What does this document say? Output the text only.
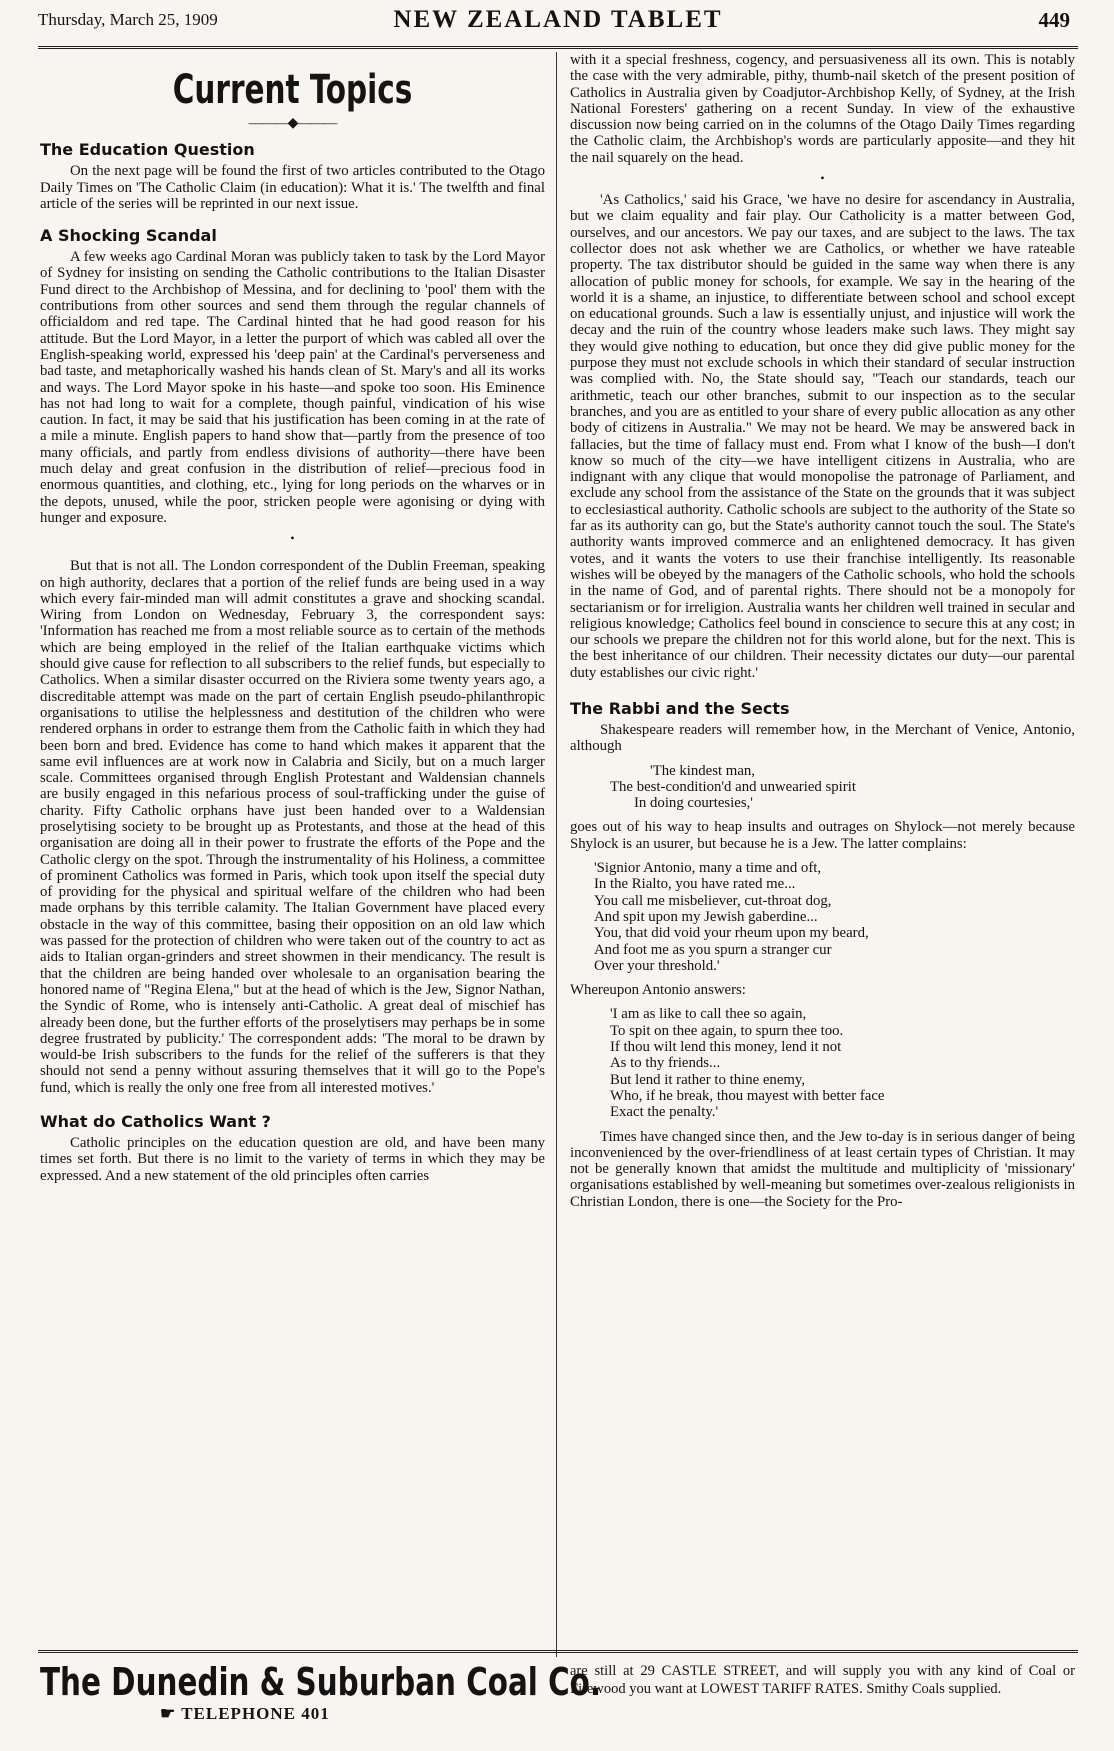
Thursday, March 25, 1909	NEW ZEALAND TABLET	449
Current Topics
———◆———
The Education Question

On the next page will be found the first of two articles contributed to the Otago Daily Times on 'The Catholic Claim (in education): What it is.' The twelfth and final article of the series will be reprinted in our next issue.

A Shocking Scandal

A few weeks ago Cardinal Moran was publicly taken to task by the Lord Mayor of Sydney for insisting on sending the Catholic contributions to the Italian Disaster Fund direct to the Archbishop of Messina, and for declining to 'pool' them with the contributions from other sources and send them through the regular channels of officialdom and red tape. The Cardinal hinted that he had good reason for his attitude. But the Lord Mayor, in a letter the purport of which was cabled all over the English-speaking world, expressed his 'deep pain' at the Cardinal's perverseness and bad taste, and metaphorically washed his hands clean of St. Mary's and all its works and ways. The Lord Mayor spoke in his haste—and spoke too soon. His Eminence has not had long to wait for a complete, though painful, vindication of his wise caution. In fact, it may be said that his justification has been coming in at the rate of a mile a minute. English papers to hand show that—partly from the presence of too many officials, and partly from endless divisions of authority—there have been much delay and great confusion in the distribution of relief—precious food in enormous quantities, and clothing, etc., lying for long periods on the wharves or in the depots, unused, while the poor, stricken people were agonising or dying with hunger and exposure.

•

But that is not all. The London correspondent of the Dublin Freeman, speaking on high authority, declares that a portion of the relief funds are being used in a way which every fair-minded man will admit constitutes a grave and shocking scandal. Wiring from London on Wednesday, February 3, the correspondent says: 'Information has reached me from a most reliable source as to certain of the methods which are being employed in the relief of the Italian earthquake victims which should give cause for reflection to all subscribers to the relief funds, but especially to Catholics. When a similar disaster occurred on the Riviera some twenty years ago, a discreditable attempt was made on the part of certain English pseudo-philanthropic organisations to utilise the helplessness and destitution of the children who were rendered orphans in order to estrange them from the Catholic faith in which they had been born and bred. Evidence has come to hand which makes it apparent that the same evil influences are at work now in Calabria and Sicily, but on a much larger scale. Committees organised through English Protestant and Waldensian channels are busily engaged in this nefarious process of soul-trafficking under the guise of charity. Fifty Catholic orphans have just been handed over to a Waldensian proselytising society to be brought up as Protestants, and those at the head of this organisation are doing all in their power to frustrate the efforts of the Pope and the Catholic clergy on the spot. Through the instrumentality of his Holiness, a committee of prominent Catholics was formed in Paris, which took upon itself the special duty of providing for the physical and spiritual welfare of the children who had been made orphans by this terrible calamity. The Italian Government have placed every obstacle in the way of this committee, basing their opposition on an old law which was passed for the protection of children who were taken out of the country to act as aids to Italian organ-grinders and street showmen in their mendicancy. The result is that the children are being handed over wholesale to an organisation bearing the honored name of "Regina Elena," but at the head of which is the Jew, Signor Nathan, the Syndic of Rome, who is intensely anti-Catholic. A great deal of mischief has already been done, but the further efforts of the proselytisers may perhaps be in some degree frustrated by publicity.' The correspondent adds: 'The moral to be drawn by would-be Irish subscribers to the funds for the relief of the sufferers is that they should not send a penny without assuring themselves that it will go to the Pope's fund, which is really the only one free from all interested motives.'

What do Catholics Want ?

Catholic principles on the education question are old, and have been many times set forth. But there is no limit to the variety of terms in which they may be expressed. And a new statement of the old principles often carries

with it a special freshness, cogency, and persuasiveness all its own. This is notably the case with the very admirable, pithy, thumb-nail sketch of the present position of Catholics in Australia given by Coadjutor-Archbishop Kelly, of Sydney, at the Irish National Foresters' gathering on a recent Sunday. In view of the exhaustive discussion now being carried on in the columns of the Otago Daily Times regarding the Catholic claim, the Archbishop's words are particularly apposite—and they hit the nail squarely on the head.

•

'As Catholics,' said his Grace, 'we have no desire for ascendancy in Australia, but we claim equality and fair play. Our Catholicity is a matter between God, ourselves, and our ancestors. We pay our taxes, and are subject to the laws. The tax collector does not ask whether we are Catholics, or whether we have rateable property. The tax distributor should be guided in the same way when there is any allocation of public money for schools, for example. We say in the hearing of the world it is a shame, an injustice, to differentiate between school and school except on educational grounds. Such a law is essentially unjust, and injustice will work the decay and the ruin of the country whose leaders make such laws. They might say they would give nothing to education, but once they did give public money for the purpose they must not exclude schools in which their standard of secular instruction was complied with. No, the State should say, "Teach our standards, teach our arithmetic, teach our other branches, submit to our inspection as to the secular branches, and you are as entitled to your share of every public allocation as any other body of citizens in Australia." We may not be heard. We may be answered back in fallacies, but the time of fallacy must end. From what I know of the bush—I don't know so much of the city—we have intelligent citizens in Australia, who are indignant with any clique that would monopolise the patronage of Parliament, and exclude any school from the assistance of the State on the grounds that it was subject to ecclesiastical authority. Catholic schools are subject to the authority of the State so far as its authority can go, but the State's authority cannot touch the soul. The State's authority wants improved commerce and an enlightened democracy. It has given votes, and it wants the voters to use their franchise intelligently. Its reasonable wishes will be obeyed by the managers of the Catholic schools, who hold the schools in the name of God, and of parental rights. There should not be a monopoly for sectarianism or for irreligion. Australia wants her children well trained in secular and religious knowledge; Catholics feel bound in conscience to secure this at any cost; in our schools we prepare the children not for this world alone, but for the next. This is the best inheritance of our children. Their necessity dictates our duty—our parental duty establishes our civic right.'

The Rabbi and the Sects

Shakespeare readers will remember how, in the Merchant of Venice, Antonio, although

'The kindest man,
The best-condition'd and unwearied spirit
In doing courtesies,'

goes out of his way to heap insults and outrages on Shylock—not merely because Shylock is an usurer, but because he is a Jew. The latter complains:

'Signior Antonio, many a time and oft,
In the Rialto, you have rated me...
You call me misbeliever, cut-throat dog,
And spit upon my Jewish gaberdine...
You, that did void your rheum upon my beard,
And foot me as you spurn a stranger cur
Over your threshold.'

Whereupon Antonio answers:

'I am as like to call thee so again,
To spit on thee again, to spurn thee too.
If thou wilt lend this money, lend it not
As to thy friends...
But lend it rather to thine enemy,
Who, if he break, thou mayest with better face
Exact the penalty.'

Times have changed since then, and the Jew to-day is in serious danger of being inconvenienced by the over-friendliness of at least certain types of Christian. It may not be generally known that amidst the multitude and multiplicity of 'missionary' organisations established by well-meaning but sometimes over-zealous religionists in Christian London, there is one—the Society for the Pro-

The Dunedin & Suburban Coal Co.
☛ TELEPHONE 401
are still at 29 CASTLE STREET, and will supply you with any kind of Coal or Firewood you want at LOWEST TARIFF RATES. Smithy Coals supplied.
